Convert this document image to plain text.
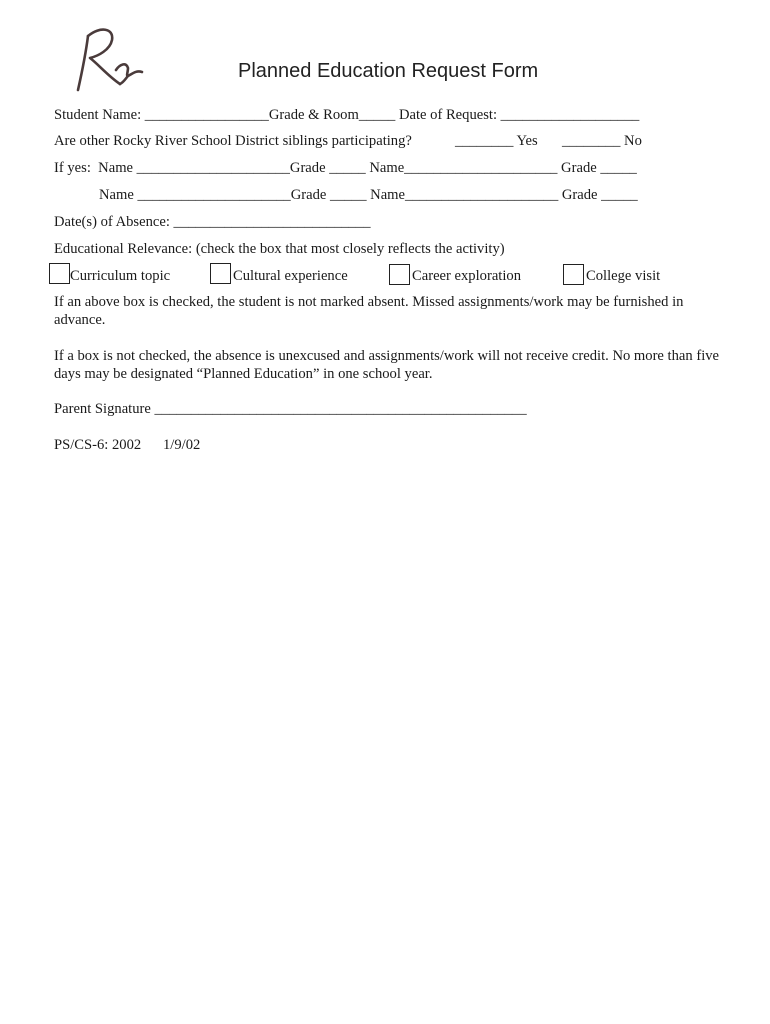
Planned Education Request Form
Student Name: _________________Grade & Room_____ Date of Request: ___________________
Are other Rocky River School District siblings participating?	________ Yes ________ No
If yes:  Name _____________________Grade _____ Name_____________________ Grade _____
Name _____________________Grade _____ Name_____________________ Grade _____
Date(s) of Absence: ___________________________
Educational Relevance: (check the box that most closely reflects the activity)
Curriculum topic	Cultural experience	Career exploration	College visit
If an above box is checked, the student is not marked absent. Missed assignments/work may be furnished in advance.
If a box is not checked, the absence is unexcused and assignments/work will not receive credit. No more than five days may be designated “Planned Education” in one school year.
Parent Signature ___________________________________________________
PS/CS-6: 2002 1/9/02
